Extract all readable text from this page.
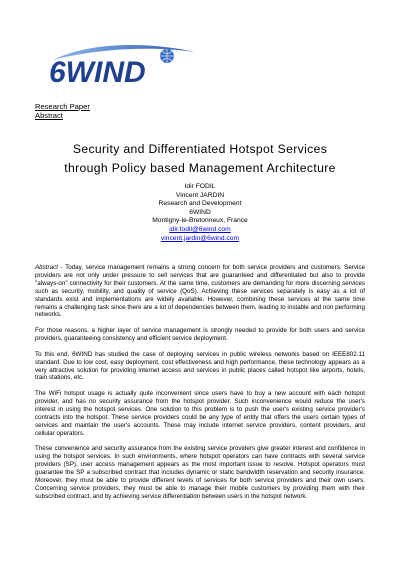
6WIND
Research Paper
Abstract
Security and Differentiated Hotspot Services
through Policy based Management Architecture
Idir FODIL
Vincent JARDIN
Research and Development
6WIND
Montigny-le-Bretonneux, France
idir.fodil@6wind.com
vincent.jardin@6wind.com

Abstract - Today, service management remains a strong concern for both service providers and customers. Service providers are not only under pressure to sell services that are guaranteed and differentiated but also to provide "always-on" connectivity for their customers. At the same time, customers are demanding for more discerning services such as security, mobility, and quality of service (QoS). Achieving these services separately is easy as a lot of standards exist and implementations are widely available. However, combining these services at the same time remains a challenging task since there are a lot of dependencies between them, leading to instable and non performing networks.

For those reasons, a higher layer of service management is strongly needed to provide for both users and service providers, guaranteeing consistency and efficient service deployment.

To this end, 6WIND has studied the case of deploying services in public wireless networks based on IEEE802.11 standard. Due to low cost, easy deployment, cost effectiveness and high performance, these technology appears as a very attractive solution for providing internet access and services in public places called hotspot like airports, hotels, train stations, etc.

The WiFi hotspot usage is actually quite inconvenient since users have to buy a new account with each hotspot provider, and has no security assurance from the hotspot provider. Such inconvenience would reduce the user's interest in using the hotspot services. One solution to this problem is to push the user's existing service provider's contracts into the hotspot. These service providers could be any type of entity that offers the users certain types of services and maintain the user's accounts. These may include internet service providers, content providers, and cellular operators.

These convenience and security assurance from the existing service providers give greater interest and confidence in using the hotspot services. In such environments, where hotspot operators can have contracts with several service providers (SP), user access management appears as the most important issue to resolve. Hotspot operators must guarantee the SP a subscribed contract that includes dynamic or static bandwidth reservation and security insurance. Moreover, they must be able to provide different levels of services for both service providers and their own users. Concerning service providers, they must be able to manage their mobile customers by providing them with their subscribed contract, and by achieving service differentiation between users in the hotspot network.
